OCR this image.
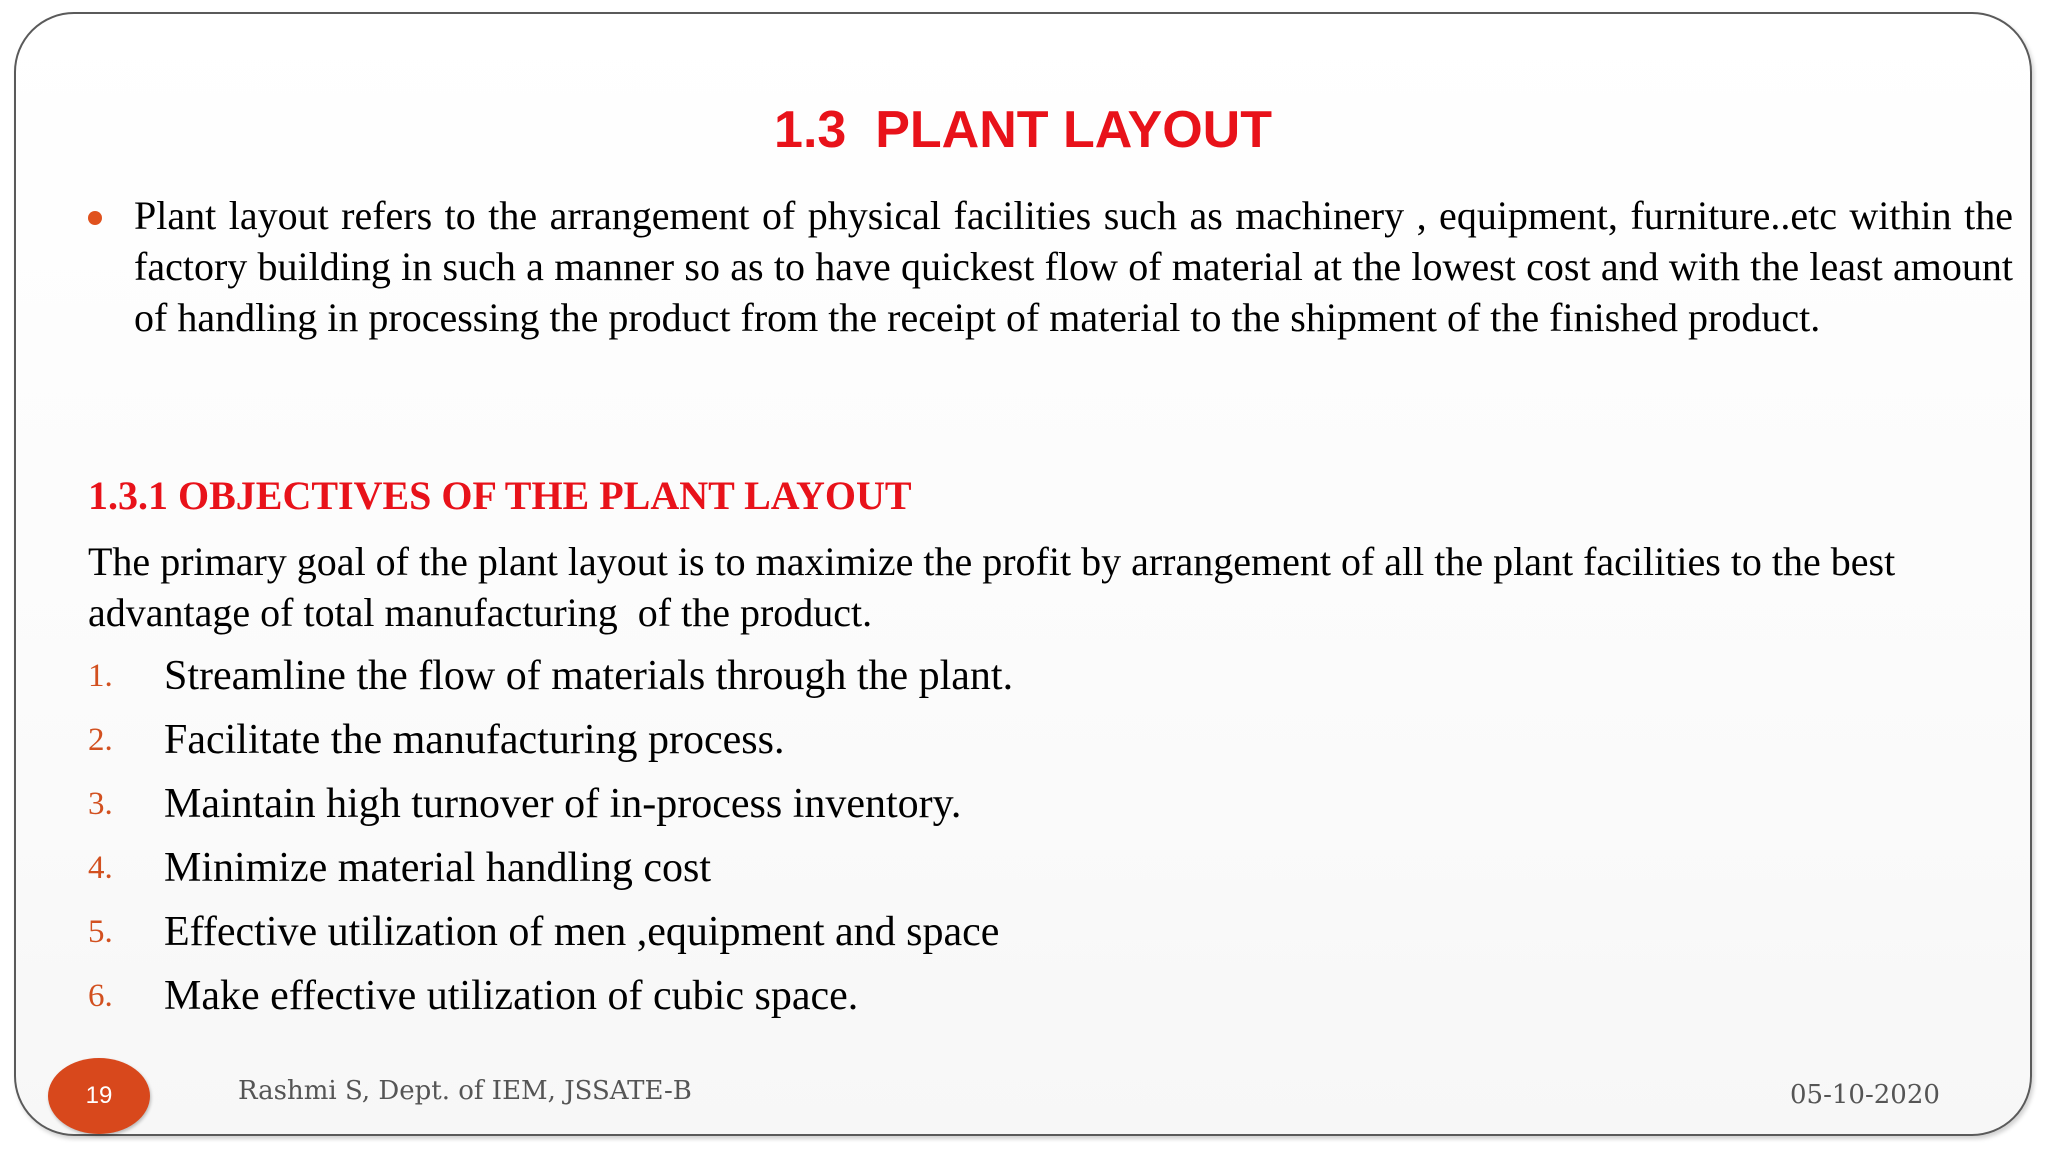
1.3  PLANT LAYOUT
Plant layout refers to the arrangement of physical facilities such as machinery , equipment, furniture..etc within the factory building in such a manner so as to have quickest flow of material at the lowest cost and with the least amount of handling in processing the product from the receipt of material to the shipment of the finished product.
1.3.1 OBJECTIVES OF THE PLANT LAYOUT
The primary goal of the plant layout is to maximize the profit by arrangement of all the plant facilities to the best advantage of total manufacturing  of the product.
1. Streamline the flow of materials through the plant.
2. Facilitate the manufacturing process.
3. Maintain high turnover of in-process inventory.
4. Minimize material handling cost
5. Effective utilization of men ,equipment and space
6. Make effective utilization of cubic space.
19	Rashmi S, Dept. of IEM, JSSATE-B	05-10-2020
